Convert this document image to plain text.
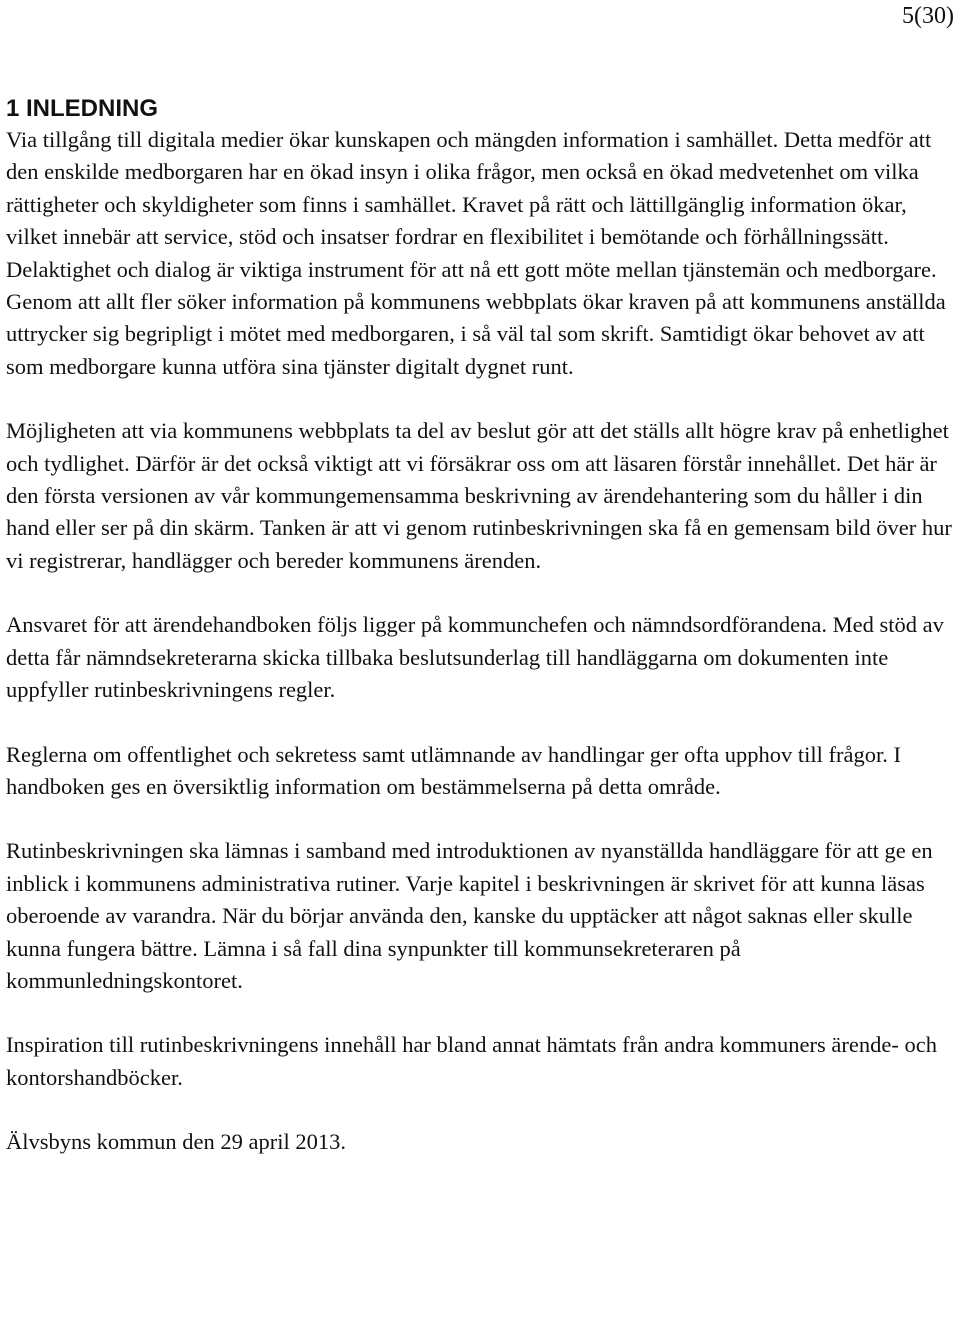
5(30)
1 INLEDNING

Via tillgång till digitala medier ökar kunskapen och mängden information i samhället. Detta medför att den enskilde medborgaren har en ökad insyn i olika frågor, men också en ökad medvetenhet om vilka rättigheter och skyldigheter som finns i samhället. Kravet på rätt och lättillgänglig information ökar, vilket innebär att service, stöd och insatser fordrar en flexibilitet i bemötande och förhållningssätt. Delaktighet och dialog är viktiga instrument för att nå ett gott möte mellan tjänstemän och medborgare. Genom att allt fler söker information på kommunens webbplats ökar kraven på att kommunens anställda uttrycker sig begripligt i mötet med medborgaren, i så väl tal som skrift. Samtidigt ökar behovet av att som medborgare kunna utföra sina tjänster digitalt dygnet runt.

Möjligheten att via kommunens webbplats ta del av beslut gör att det ställs allt högre krav på enhetlighet och tydlighet. Därför är det också viktigt att vi försäkrar oss om att läsaren förstår innehållet. Det här är den första versionen av vår kommungemensamma beskrivning av ärendehantering som du håller i din hand eller ser på din skärm. Tanken är att vi genom rutinbeskrivningen ska få en gemensam bild över hur vi registrerar, handlägger och bereder kommunens ärenden.

Ansvaret för att ärendehandboken följs ligger på kommunchefen och nämndsordförandena. Med stöd av detta får nämndsekreterarna skicka tillbaka beslutsunderlag till handläggarna om dokumenten inte uppfyller rutinbeskrivningens regler.

Reglerna om offentlighet och sekretess samt utlämnande av handlingar ger ofta upphov till frågor. I handboken ges en översiktlig information om bestämmelserna på detta område.

Rutinbeskrivningen ska lämnas i samband med introduktionen av nyanställda handläggare för att ge en inblick i kommunens administrativa rutiner. Varje kapitel i beskrivningen är skrivet för att kunna läsas oberoende av varandra. När du börjar använda den, kanske du upptäcker att något saknas eller skulle kunna fungera bättre. Lämna i så fall dina synpunkter till kommunsekreteraren på kommunledningskontoret.

Inspiration till rutinbeskrivningens innehåll har bland annat hämtats från andra kommuners ärende- och kontorshandböcker.

Älvsbyns kommun den 29 april 2013.
